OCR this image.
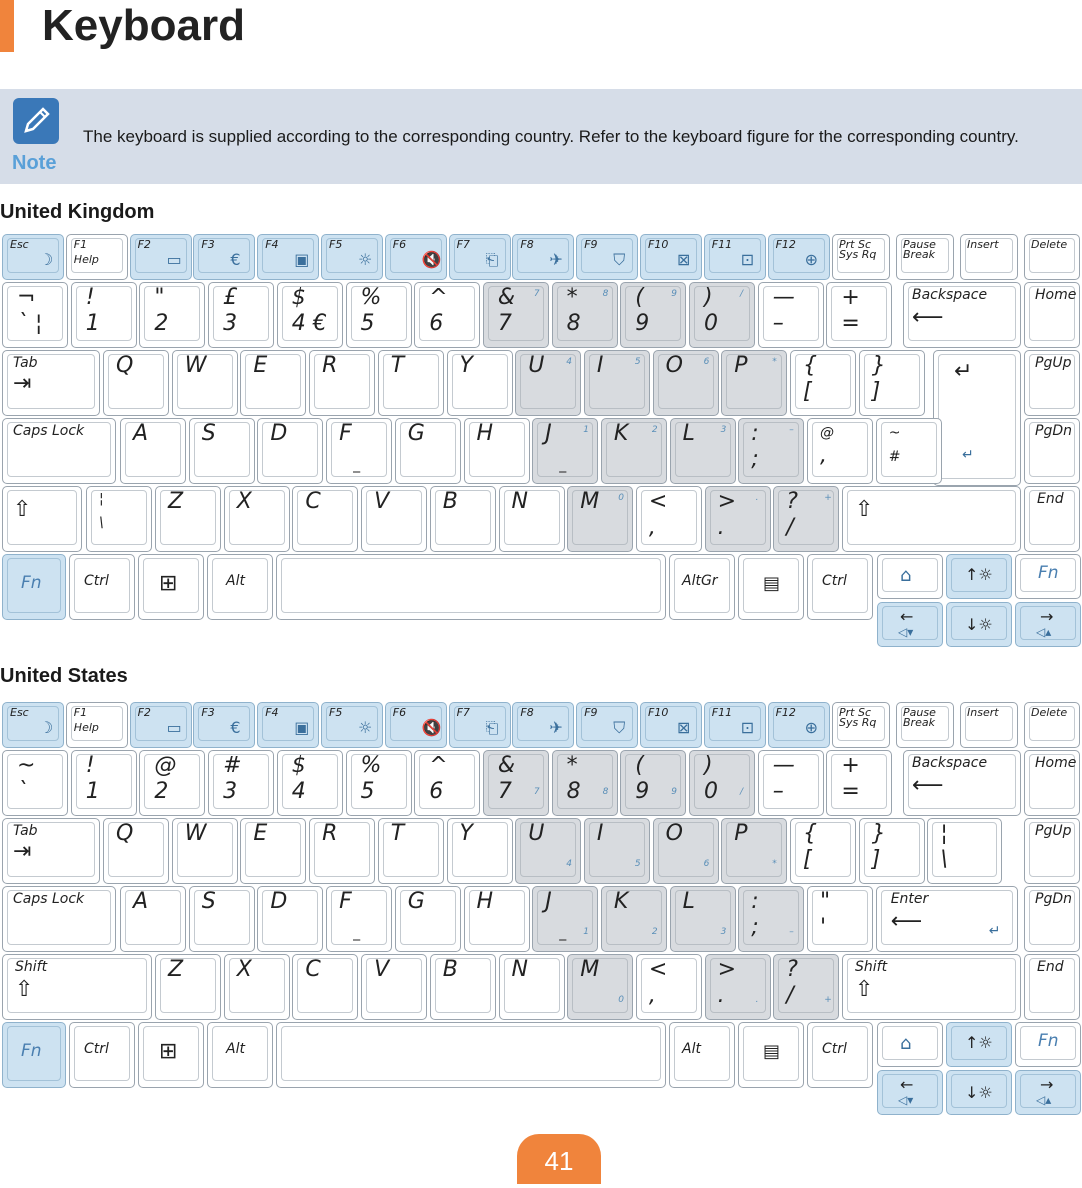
Keyboard
Note
The keyboard is supplied according to the corresponding country. Refer to the keyboard figure for the corresponding country.
United Kingdom
Esc
☽
F1
Help
F2
▭
F3
€
F4
▣
F5
☼
F6
🔇
F7
⎗
F8
✈
F9
⛉
F10
⊠
F11
⊡
F12
⊕
Prt Sc
Sys Rq
Pause
Break
Insert	Delete
¬
` ¦
!
1
"
2
£
3
$
4 €
%
5
^
6
&
7
7 *
8
8 (
9
9 )
0
/ —
–
+
=
Backspace
⟵
Home
Tab
⇥
Q W E R T	Y	U 4 I	5 O 6 P	* {
[
}
]
↵
↵
PgUp
Caps Lock A S D F
_
G H J	1
_
K	2 L	3 :
;
– @
,
~
#
PgDn
⇧	¦
\
Z X C V B N M 0 <
,
>
.
. ?
/
+ ⇧	End
Fn	Ctrl ⊞	Alt	AltGr	▤	Ctrl	⌂	↑☼	Fn
←
◁▾	↓☼	→
◁▴
United States
Esc
☽
F1
Help
F2
▭
F3
€
F4
▣
F5
☼
F6
🔇
F7
⎗
F8
✈
F9
⛉
F10
⊠
F11
⊡
F12
⊕
Prt Sc
Sys Rq
Pause
Break
Insert	Delete
~
`
!
1
@
2
#
3
$
4
%
5
^
6
&
7 7
*
8 8
(
9 9
)
0 /
—
–
+
=
Backspace
⟵
Home
Tab
⇥
Q W E R T	Y	U
4
I
5
O
6
P
*
{
[
}
]
¦
\
PgUp
Caps Lock A S D F
_
G H J
1
_
K
2
L
3
:
;	–
"
'
Enter
⟵	↵
PgDn
Shift
⇧
Z X C V B N M
0
<
,
>
.	.
?
/	+
Shift
⇧
End
Fn	Ctrl ⊞	Alt	Alt	▤	Ctrl	⌂	↑☼	Fn
←
◁▾	↓☼	→
◁▴
41
